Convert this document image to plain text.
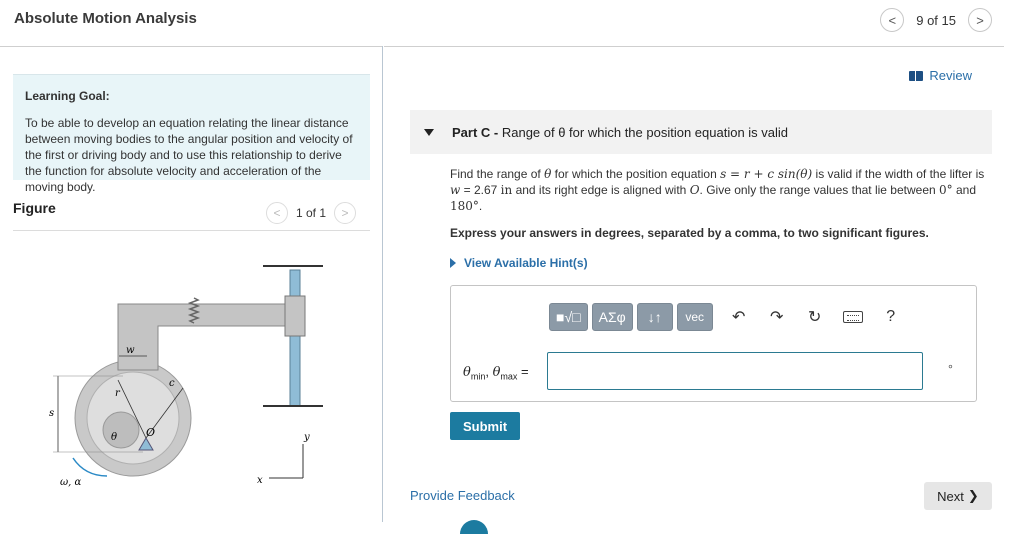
Absolute Motion Analysis	< 9 of 15 >
Learning Goal:
To be able to develop an equation relating the linear distance between moving bodies to the angular position and velocity of the first or driving body and to use this relationship to derive the function for absolute velocity and acceleration of the moving body.
Figure	< 1 of 1 >
w
r
c
s
θ	O	y
x
ω, α
Review
Part C - Range of θ for which the position equation is valid
Find the range of θ for which the position equation s = r + c sin(θ) is valid if the width of the lifter is w = 2.67 in and its right edge is aligned with O. Give only the range values that lie between 0° and 180°.
Express your answers in degrees, separated by a comma, to two significant figures.
View Available Hint(s)
■√□	ΑΣφ	↓↑	vec	↶	↷	↻	?
$\theta_{min}$, $\theta_{max}$ =	∘
Submit
Provide Feedback	Next ❯
